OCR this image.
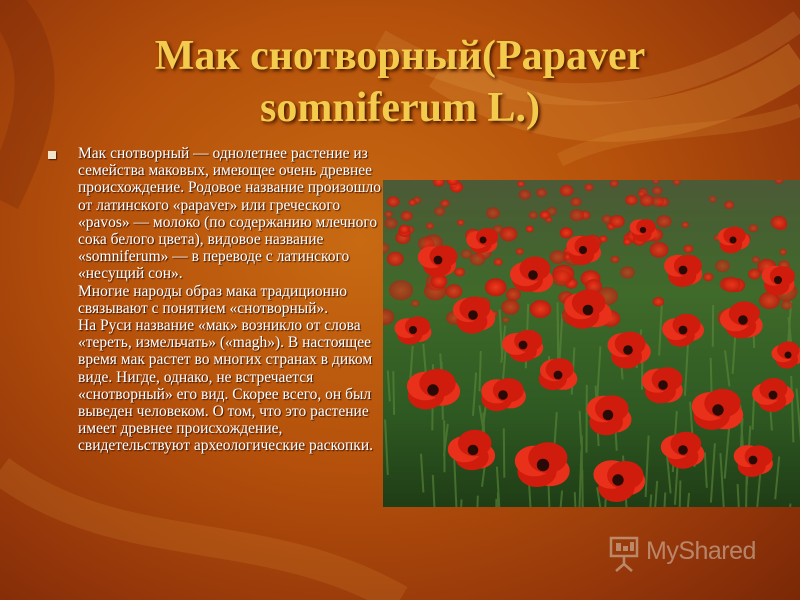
Мак снотворный(Papaver
somniferum L.)

Мак снотворный — однолетнее растение из семейства маковых, имеющее очень древнее происхождение. Родовое название произошло от латинского «papaver» или греческого «pavos» — молоко (по содержанию млечного сока белого цвета), видовое название «somniferum» — в переводе с латинского «несущий сон».

Многие народы образ мака традиционно связывают с понятием «снотворный».

На Руси название «мак» возникло от слова «тереть, измельчать» («magh»). В настоящее время мак растет во многих странах в диком виде. Нигде, однако, не встречается «снотворный» его вид. Скорее всего, он был выведен человеком. О том, что это растение имеет древнее происхождение, свидетельствуют археологические раскопки.

MyShared
